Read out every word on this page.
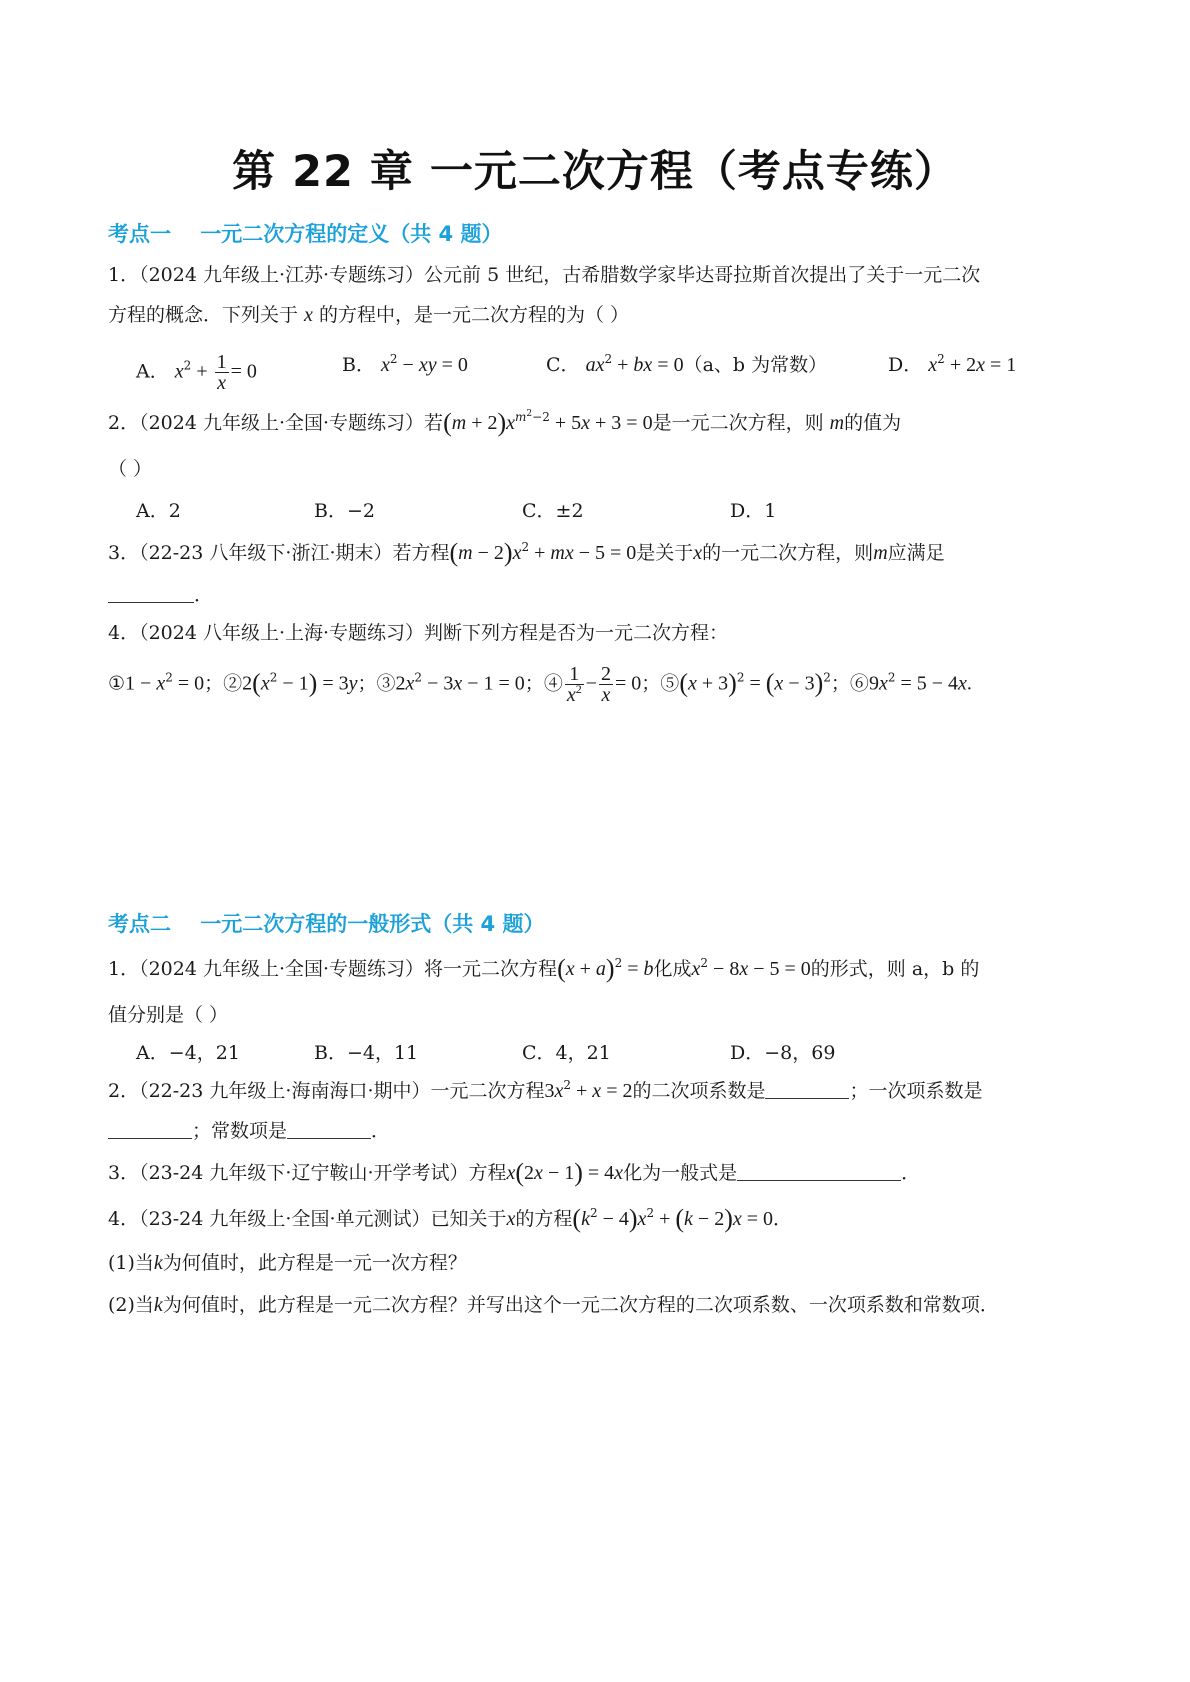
第 22 章 一元二次方程（考点专练）
考点一    一元二次方程的定义（共 4 题）
1．（2024 九年级上·江苏·专题练习）公元前 5 世纪，古希腊数学家毕达哥拉斯首次提出了关于一元二次
方程的概念．下列关于 x 的方程中，是一元二次方程的为（ ）
A． $x^2 + \frac{1}{x} = 0$	B． $x^2$ − xy = 0	C． $ax^2$ + bx = 0（a、b 为常数）	D． $x^2 + 2x = 1$
2．（2024 九年级上·全国·专题练习）若$(m + 2)x^{m^2-2} + 5x + 3 = 0$是一元二次方程，则 m的值为
（ ）
A．2	B．−2	C．±2	D．1
3．（22-23 八年级下·浙江·期末）若方程$(m - 2)x^2$ + mx − 5 = 0是关于x的一元二次方程，则m应满足
．
4．（2024 八年级上·上海·专题练习）判断下列方程是否为一元二次方程：
①1 − $x^2 = 0$；$②2(x^2 - 1) = 3y$；$③2x^2 - 3x - 1 = 0$；④ $\frac{1}{x^2} - \frac{2}{x} = 0$；⑤(x + $3)^2 = (x - 3)^2$；$⑥9x^2 = 5 - 4x$.
考点二    一元二次方程的一般形式（共 4 题）
1．（2024 九年级上·全国·专题练习）将一元二次方程$(x + a)^2 = b$化成$x^2 - 8x - 5 = 0$的形式，则 a，b 的
值分别是（ ）
A．−4，21	B．−4，11	C．4，21	D．−8，69
2．（22-23 九年级上·海南海口·期中）一元二次方程$3x^2 + x = 2$的二次项系数是	；一次项系数是
；常数项是	．
3．（23-24 九年级下·辽宁鞍山·开学考试）方程x(2x − 1) = 4x化为一般式是	．
4．（23-24 九年级上·全国·单元测试）已知关于x的方程$(k^2 - 4)x^2 + (k - 2)x = 0$．
(1)当k为何值时，此方程是一元一次方程？
(2)当k为何值时，此方程是一元二次方程？并写出这个一元二次方程的二次项系数、一次项系数和常数项．
